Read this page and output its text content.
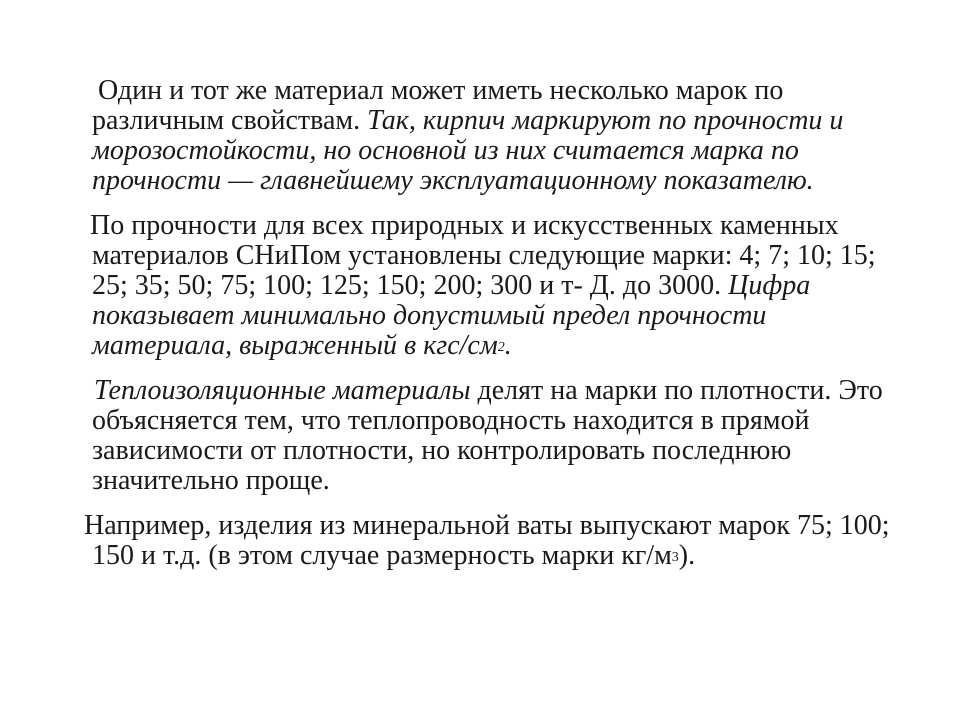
Один и тот же материал может иметь несколько марок по различным свойствам. Так, кирпич маркируют по прочности и морозостойкости, но основной из них считается марка по прочности — главнейшему эксплуатационному показателю.

По прочности для всех природных и искусственных каменных материалов СНиПом установлены следующие марки: 4; 7; 10; 15; 25; 35; 50; 75; 100; 125; 150; 200; 300 и т- Д. до 3000. Цифра показывает минимально допустимый предел прочности материала, выраженный в кгс/$см^2$.

Теплоизоляционные материалы делят на марки по плотности. Это объясняется тем, что теплопроводность находится в прямой зависимости от плотности, но контролировать последнюю значительно проще.

Например, изделия из минеральной ваты выпускают марок 75; 100; 150 и т.д. (в этом случае размерность марки $кг/м^3$).
